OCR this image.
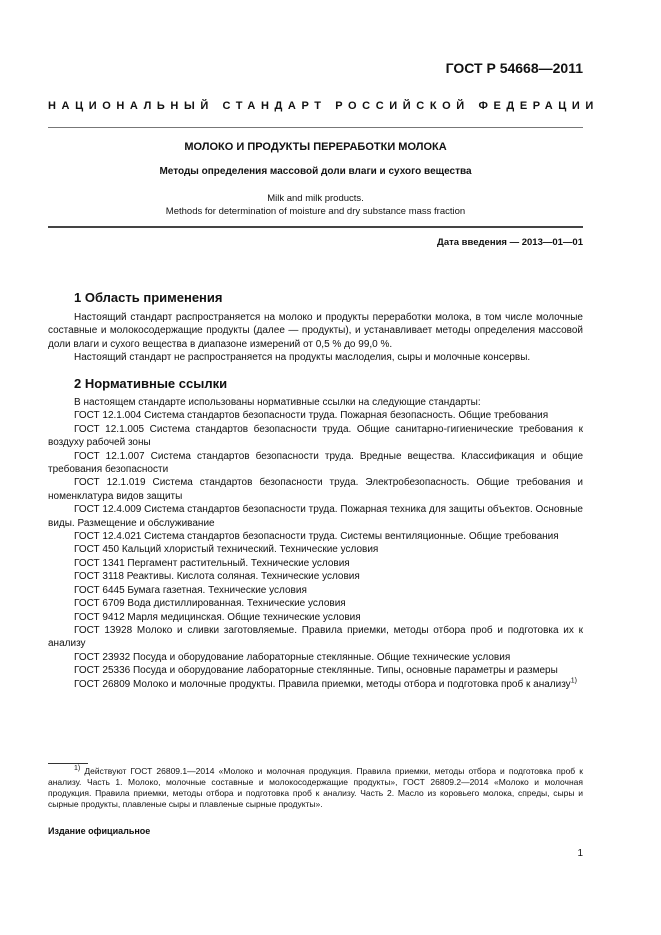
ГОСТ Р 54668—2011
НАЦИОНАЛЬНЫЙ СТАНДАРТ РОССИЙСКОЙ ФЕДЕРАЦИИ
МОЛОКО И ПРОДУКТЫ ПЕРЕРАБОТКИ МОЛОКА
Методы определения массовой доли влаги и сухого вещества
Milk and milk products.
Methods for determination of moisture and dry substance mass fraction
Дата введения — 2013—01—01
1 Область применения

Настоящий стандарт распространяется на молоко и продукты переработки молока, в том числе молочные составные и молокосодержащие продукты (далее — продукты), и устанавливает методы определения массовой доли влаги и сухого вещества в диапазоне измерений от 0,5 % до 99,0 %.

Настоящий стандарт не распространяется на продукты маслоделия, сыры и молочные консервы.

2 Нормативные ссылки
В настоящем стандарте использованы нормативные ссылки на следующие стандарты:
ГОСТ 12.1.004 Система стандартов безопасности труда. Пожарная безопасность. Общие требования
ГОСТ 12.1.005 Система стандартов безопасности труда. Общие санитарно-гигиенические требования к воздуху рабочей зоны
ГОСТ 12.1.007 Система стандартов безопасности труда. Вредные вещества. Классификация и общие требования безопасности
ГОСТ 12.1.019 Система стандартов безопасности труда. Электробезопасность. Общие требования и номенклатура видов защиты
ГОСТ 12.4.009 Система стандартов безопасности труда. Пожарная техника для защиты объектов. Основные виды. Размещение и обслуживание
ГОСТ 12.4.021 Система стандартов безопасности труда. Системы вентиляционные. Общие требования
ГОСТ 450 Кальций хлористый технический. Технические условия
ГОСТ 1341 Пергамент растительный. Технические условия
ГОСТ 3118 Реактивы. Кислота соляная. Технические условия
ГОСТ 6445 Бумага газетная. Технические условия
ГОСТ 6709 Вода дистиллированная. Технические условия
ГОСТ 9412 Марля медицинская. Общие технические условия
ГОСТ 13928 Молоко и сливки заготовляемые. Правила приемки, методы отбора проб и подготовка их к анализу
ГОСТ 23932 Посуда и оборудование лабораторные стеклянные. Общие технические условия
ГОСТ 25336 Посуда и оборудование лабораторные стеклянные. Типы, основные параметры и размеры
ГОСТ 26809 Молоко и молочные продукты. Правила приемки, методы отбора и подготовка проб к анализу$^{1)}$

$^{1)}$ Действуют ГОСТ 26809.1—2014 «Молоко и молочная продукция. Правила приемки, методы отбора и подготовка проб к анализу. Часть 1. Молоко, молочные составные и молокосодержащие продукты», ГОСТ 26809.2—2014 «Молоко и молочная продукция. Правила приемки, методы отбора и подготовка проб к анализу. Часть 2. Масло из коровьего молока, спреды, сыры и сырные продукты, плавленые сыры и плавленые сырные продукты».

Издание официальное
1
